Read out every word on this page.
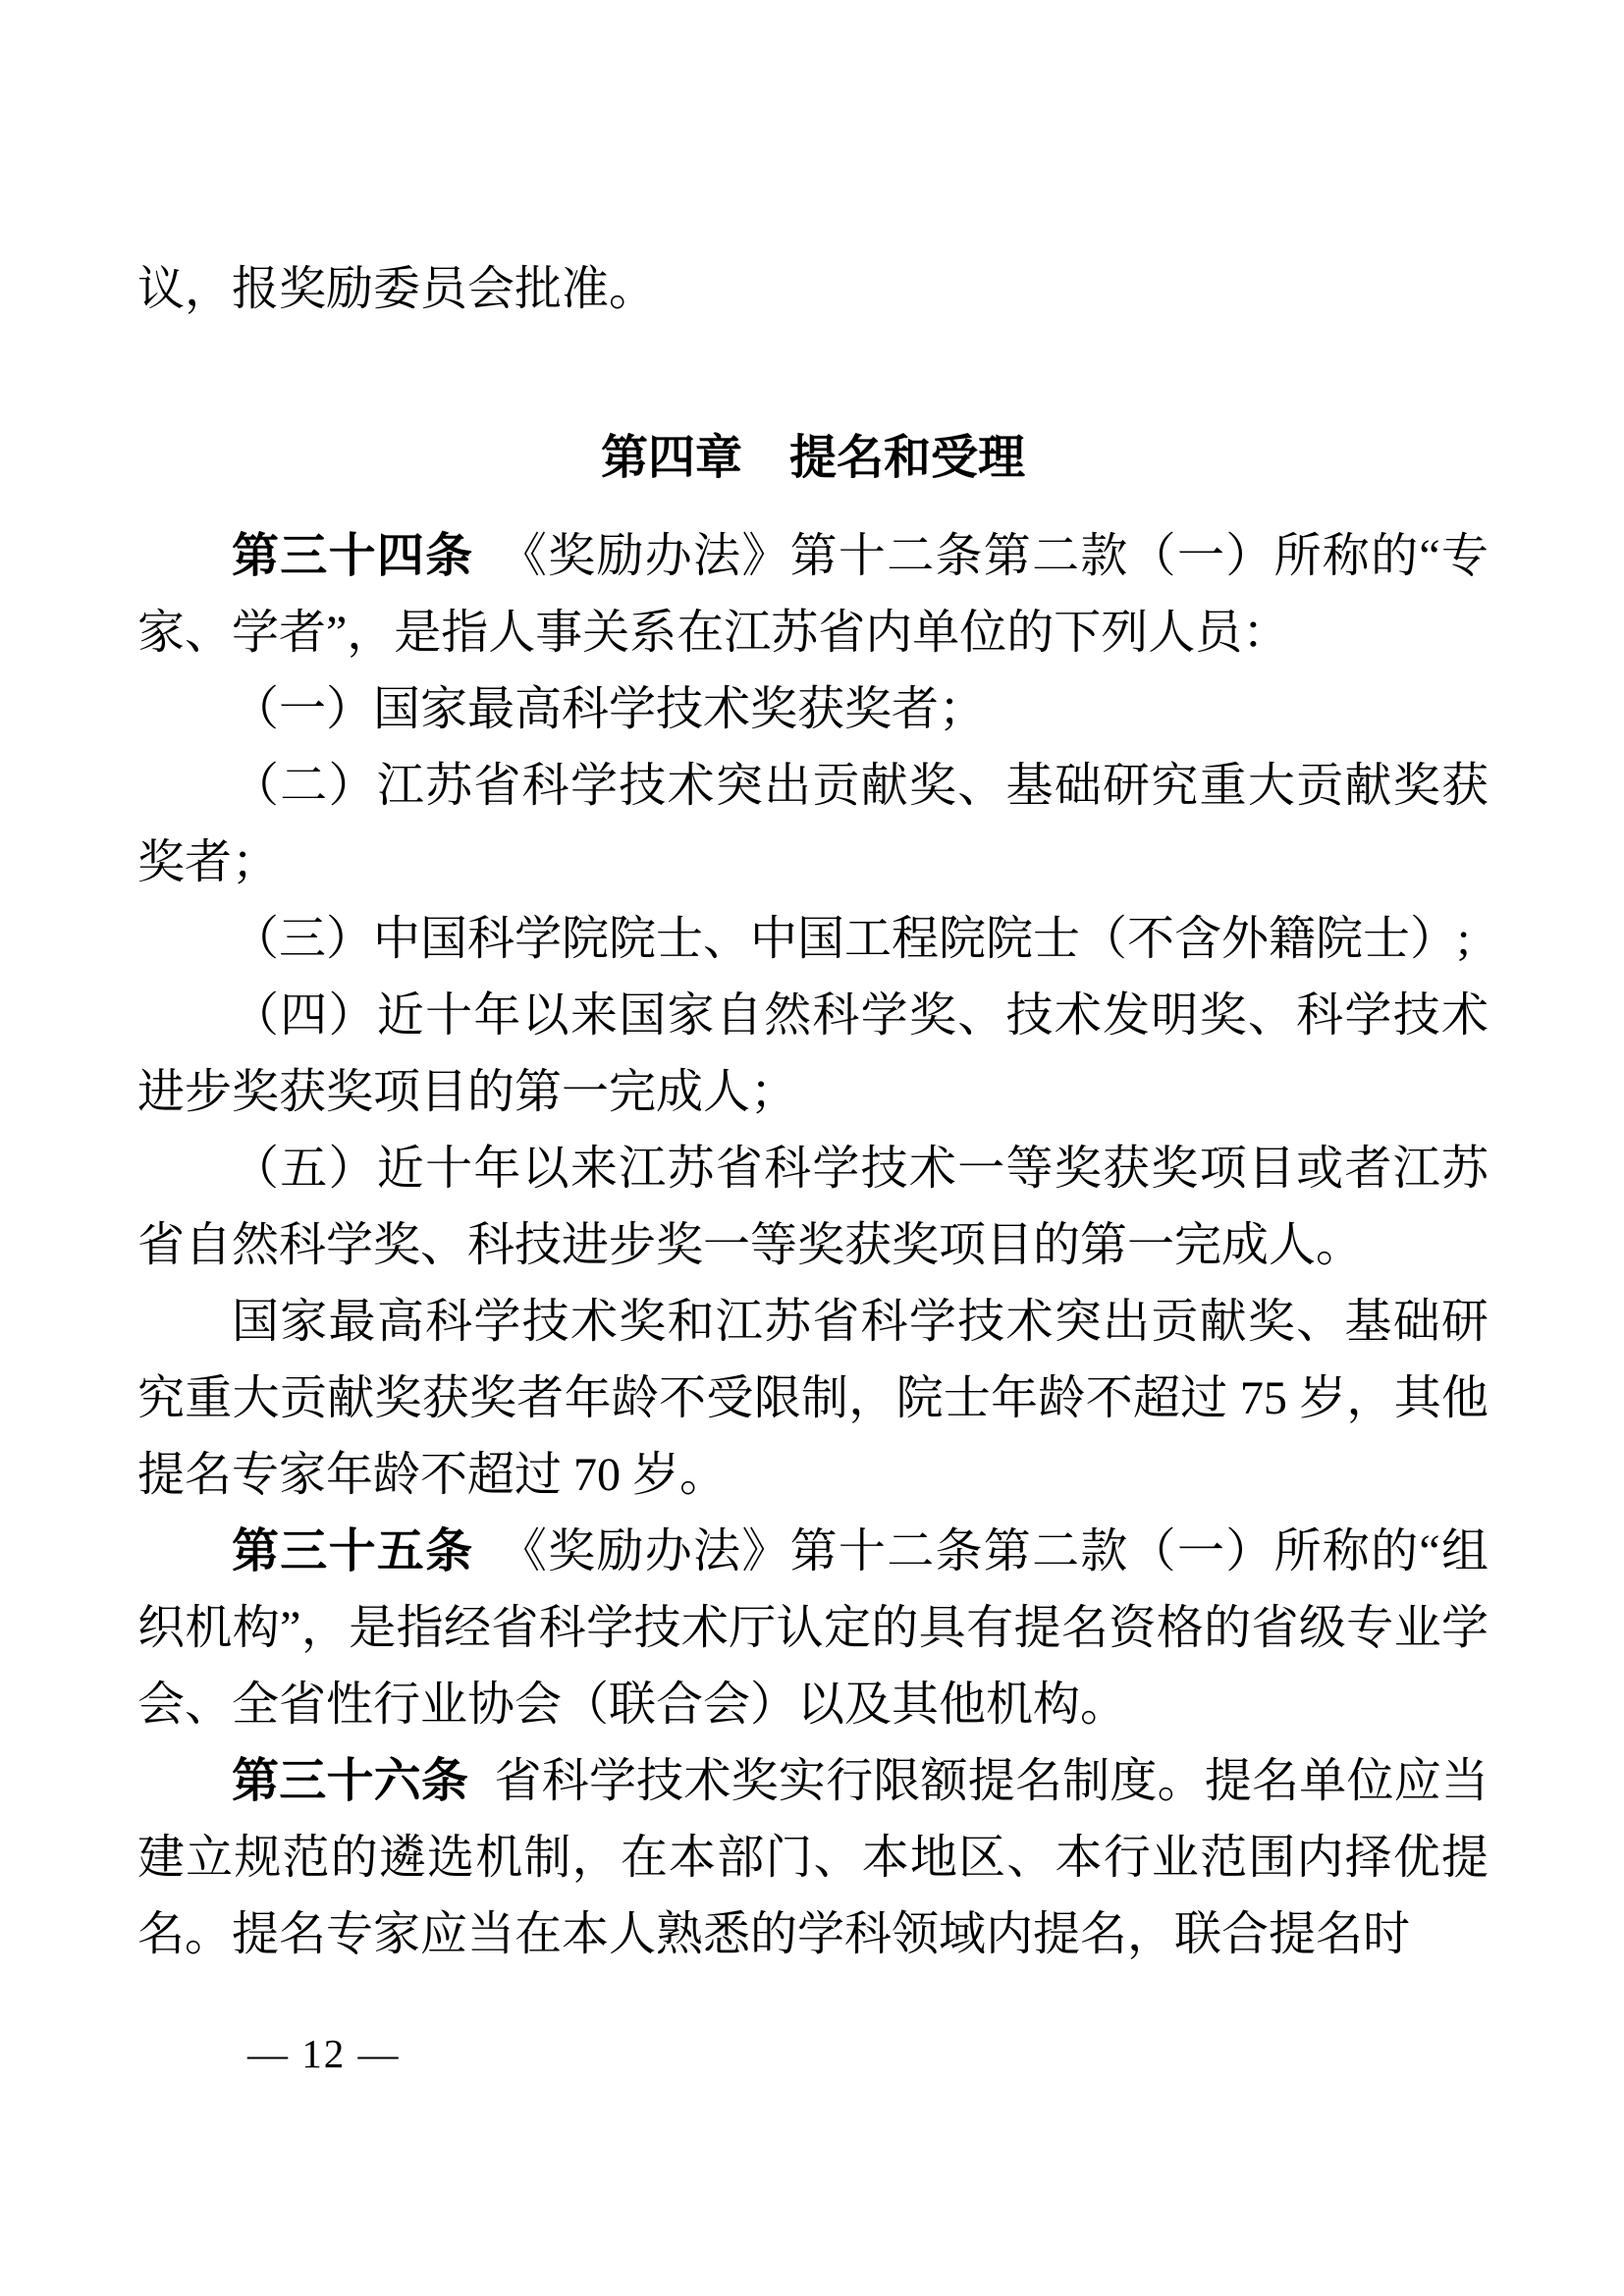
议，报奖励委员会批准。

第四章　提名和受理

第三十四条 《奖励办法》第十二条第二款（一）所称的“专家、学者”，是指人事关系在江苏省内单位的下列人员：

（一）国家最高科学技术奖获奖者；

（二）江苏省科学技术突出贡献奖、基础研究重大贡献奖获奖者；

（三）中国科学院院士、中国工程院院士（不含外籍院士）;

（四）近十年以来国家自然科学奖、技术发明奖、科学技术进步奖获奖项目的第一完成人；

（五）近十年以来江苏省科学技术一等奖获奖项目或者江苏省自然科学奖、科技进步奖一等奖获奖项目的第一完成人。

国家最高科学技术奖和江苏省科学技术突出贡献奖、基础研究重大贡献奖获奖者年龄不受限制，院士年龄不超过 75 岁，其他提名专家年龄不超过 70 岁。

第三十五条 《奖励办法》第十二条第二款（一）所称的“组织机构”，是指经省科学技术厅认定的具有提名资格的省级专业学会、全省性行业协会（联合会）以及其他机构。

第三十六条 省科学技术奖实行限额提名制度。提名单位应当建立规范的遴选机制，在本部门、本地区、本行业范围内择优提名。提名专家应当在本人熟悉的学科领域内提名，联合提名时

— 12 —
